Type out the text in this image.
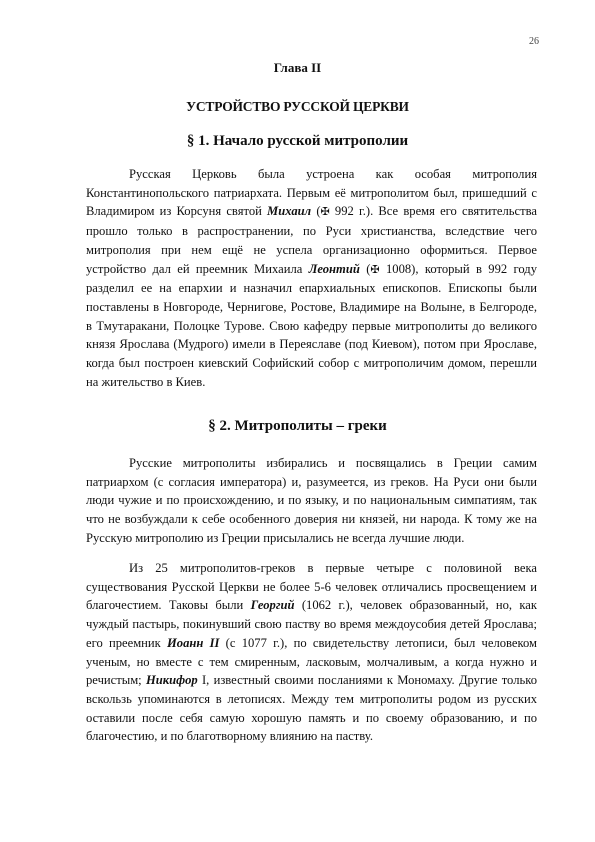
26
Глава II
УСТРОЙСТВО РУССКОЙ ЦЕРКВИ
§ 1. Начало русской митрополии

Русская Церковь была устроена как особая митрополия Константинопольского патриархата. Первым её митрополитом был, пришедший с Владимиром из Корсуня святой Михаил (✠ 992 г.). Все время его святительства прошло только в распространении, по Руси христианства, вследствие чего митрополия при нем ещё не успела организационно оформиться. Первое устройство дал ей преемник Михаила Леонтий (✠ 1008), который в 992 году разделил ее на епархии и назначил епархиальных епископов. Епископы были поставлены в Новгороде, Чернигове, Ростове, Владимире на Волыне, в Белгороде, в Тмутаракани, Полоцке Турове. Свою кафедру первые митрополиты до великого князя Ярослава (Мудрого) имели в Переяславе (под Киевом), потом при Ярославе, когда был построен киевский Софийский собор с митрополичим домом, перешли на жительство в Киев.

§ 2. Митрополиты – греки

Русские митрополиты избирались и посвящались в Греции самим патриархом (с согласия императора) и, разумеется, из греков. На Руси они были люди чужие и по происхождению, и по языку, и по национальным симпатиям, так что не возбуждали к себе особенного доверия ни князей, ни народа. К тому же на Русскую митрополию из Греции присылались не всегда лучшие люди.

Из 25 митрополитов-греков в первые четыре с половиной века существования Русской Церкви не более 5-6 человек отличались просвещением и благочестием. Таковы были Георгий (1062 г.), человек образованный, но, как чуждый пастырь, покинувший свою паству во время междоусобия детей Ярослава; его преемник Иоанн II (с 1077 г.), по свидетельству летописи, был человеком ученым, но вместе с тем смиренным, ласковым, молчаливым, а когда нужно и речистым; Никифор I, известный своими посланиями к Мономаху. Другие только вскользь упоминаются в летописях. Между тем митрополиты родом из русских оставили после себя самую хорошую память и по своему образованию, и по благочестию, и по благотворному влиянию на паству.
